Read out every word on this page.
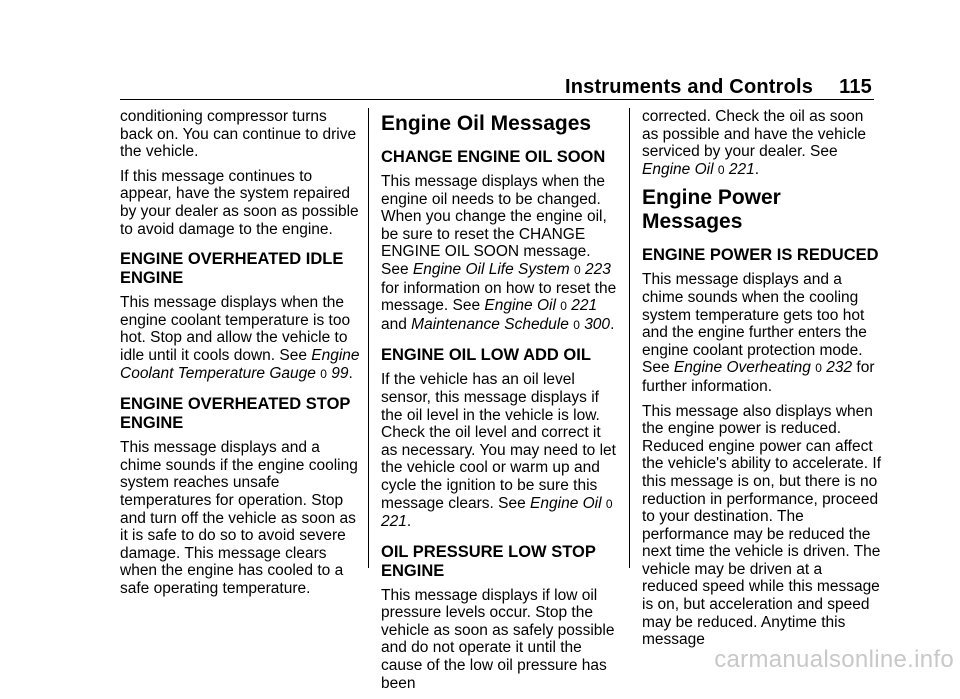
Instruments and Controls 115

conditioning compressor turns back on. You can continue to drive the vehicle.

If this message continues to appear, have the system repaired by your dealer as soon as possible to avoid damage to the engine.

ENGINE OVERHEATED IDLE ENGINE

This message displays when the engine coolant temperature is too hot. Stop and allow the vehicle to idle until it cools down. See Engine Coolant Temperature Gauge 0 99.

ENGINE OVERHEATED STOP ENGINE

This message displays and a chime sounds if the engine cooling system reaches unsafe temperatures for operation. Stop and turn off the vehicle as soon as it is safe to do so to avoid severe damage. This message clears when the engine has cooled to a safe operating temperature.

Engine Oil Messages
CHANGE ENGINE OIL SOON

This message displays when the engine oil needs to be changed. When you change the engine oil, be sure to reset the CHANGE ENGINE OIL SOON message. See Engine Oil Life System 0 223 for information on how to reset the message. See Engine Oil 0 221 and Maintenance Schedule 0 300.

ENGINE OIL LOW ADD OIL

If the vehicle has an oil level sensor, this message displays if the oil level in the vehicle is low. Check the oil level and correct it as necessary. You may need to let the vehicle cool or warm up and cycle the ignition to be sure this message clears. See Engine Oil 0 221.

OIL PRESSURE LOW STOP ENGINE

This message displays if low oil pressure levels occur. Stop the vehicle as soon as safely possible and do not operate it until the cause of the low oil pressure has been

corrected. Check the oil as soon as possible and have the vehicle serviced by your dealer. See Engine Oil 0 221.

Engine Power Messages
ENGINE POWER IS REDUCED

This message displays and a chime sounds when the cooling system temperature gets too hot and the engine further enters the engine coolant protection mode. See Engine Overheating 0 232 for further information.

This message also displays when the engine power is reduced. Reduced engine power can affect the vehicle's ability to accelerate. If this message is on, but there is no reduction in performance, proceed to your destination. The performance may be reduced the next time the vehicle is driven. The vehicle may be driven at a reduced speed while this message is on, but acceleration and speed may be reduced. Anytime this message

carmanualsonline.info
